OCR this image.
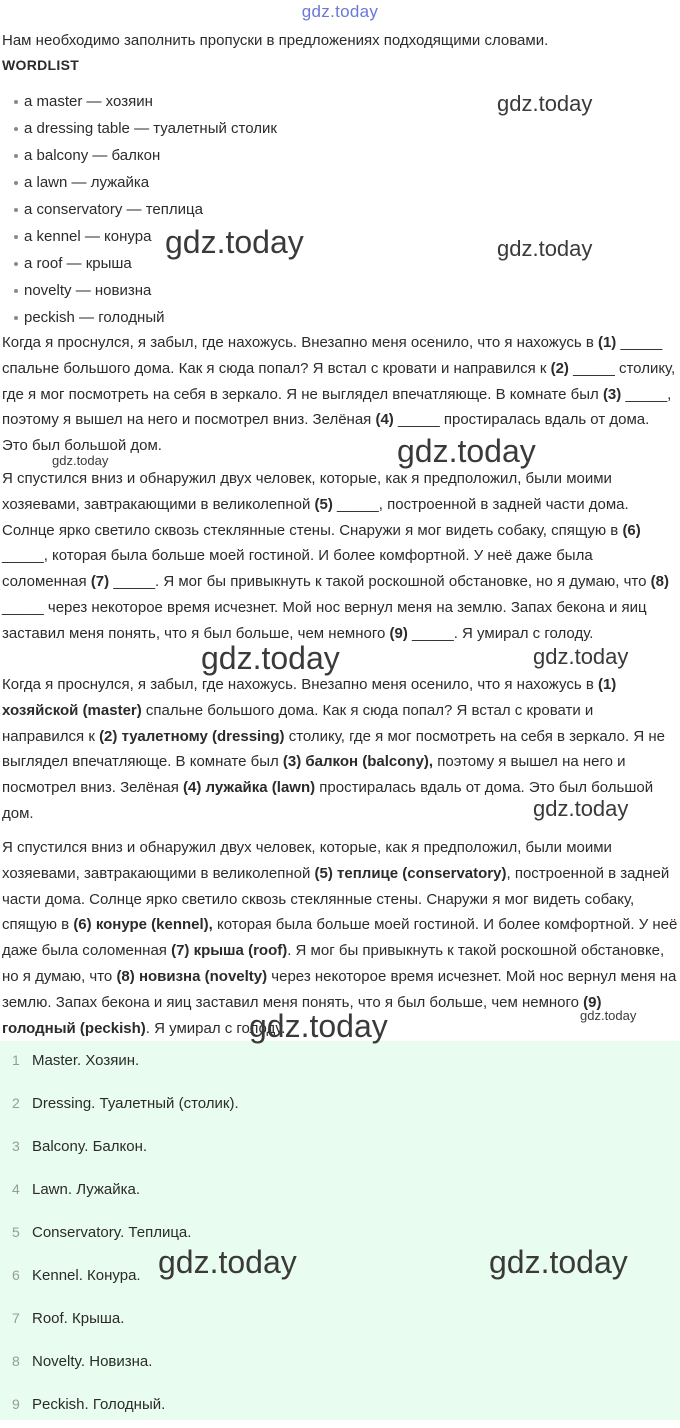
gdz.today
Нам необходимо заполнить пропуски в предложениях подходящими словами.
WORDLIST
a master — хозяин
a dressing table — туалетный столик
a balcony — балкон
a lawn — лужайка
a conservatory — теплица
a kennel — конура
a roof — крыша
novelty — новизна
peckish — голодный

Когда я проснулся, я забыл, где нахожусь. Внезапно меня осенило, что я нахожусь в (1) _____ спальне большого дома. Как я сюда попал? Я встал с кровати и направился к (2) _____ столику, где я мог посмотреть на себя в зеркало. Я не выглядел впечатляюще. В комнате был (3) _____, поэтому я вышел на него и посмотрел вниз. Зелёная (4) _____ простиралась вдаль от дома. Это был большой дом.

Я спустился вниз и обнаружил двух человек, которые, как я предположил, были моими хозяевами, завтракающими в великолепной (5) _____, построенной в задней части дома. Солнце ярко светило сквозь стеклянные стены. Снаружи я мог видеть собаку, спящую в (6) _____, которая была больше моей гостиной. И более комфортной. У неё даже была соломенная (7) _____. Я мог бы привыкнуть к такой роскошной обстановке, но я думаю, что (8) _____ через некоторое время исчезнет. Мой нос вернул меня на землю. Запах бекона и яиц заставил меня понять, что я был больше, чем немного (9) _____. Я умирал с голоду.

Когда я проснулся, я забыл, где нахожусь. Внезапно меня осенило, что я нахожусь в (1) хозяйской (master) спальне большого дома. Как я сюда попал? Я встал с кровати и направился к (2) туалетному (dressing) столику, где я мог посмотреть на себя в зеркало. Я не выглядел впечатляюще. В комнате был (3) балкон (balcony), поэтому я вышел на него и посмотрел вниз. Зелёная (4) лужайка (lawn) простиралась вдаль от дома. Это был большой дом.

Я спустился вниз и обнаружил двух человек, которые, как я предположил, были моими хозяевами, завтракающими в великолепной (5) теплице (conservatory), построенной в задней части дома. Солнце ярко светило сквозь стеклянные стены. Снаружи я мог видеть собаку, спящую в (6) конуре (kennel), которая была больше моей гостиной. И более комфортной. У неё даже была соломенная (7) крыша (roof). Я мог бы привыкнуть к такой роскошной обстановке, но я думаю, что (8) новизна (novelty) через некоторое время исчезнет. Мой нос вернул меня на землю. Запах бекона и яиц заставил меня понять, что я был больше, чем немного (9) голодный (peckish). Я умирал с голоду.

1 Master. Хозяин.
2 Dressing. Туалетный (столик).
3 Balcony. Балкон.
4 Lawn. Лужайка.
5 Conservatory. Теплица.
6 Kennel. Конура.
7 Roof. Крыша.
8 Novelty. Новизна.
9 Peckish. Голодный.
gdz.today
gdz.today	gdz.today
gdz.today
gdz.today
gdz.today	gdz.today
gdz.today
gdz.today
gdz.today
gdz.today	gdz.today
